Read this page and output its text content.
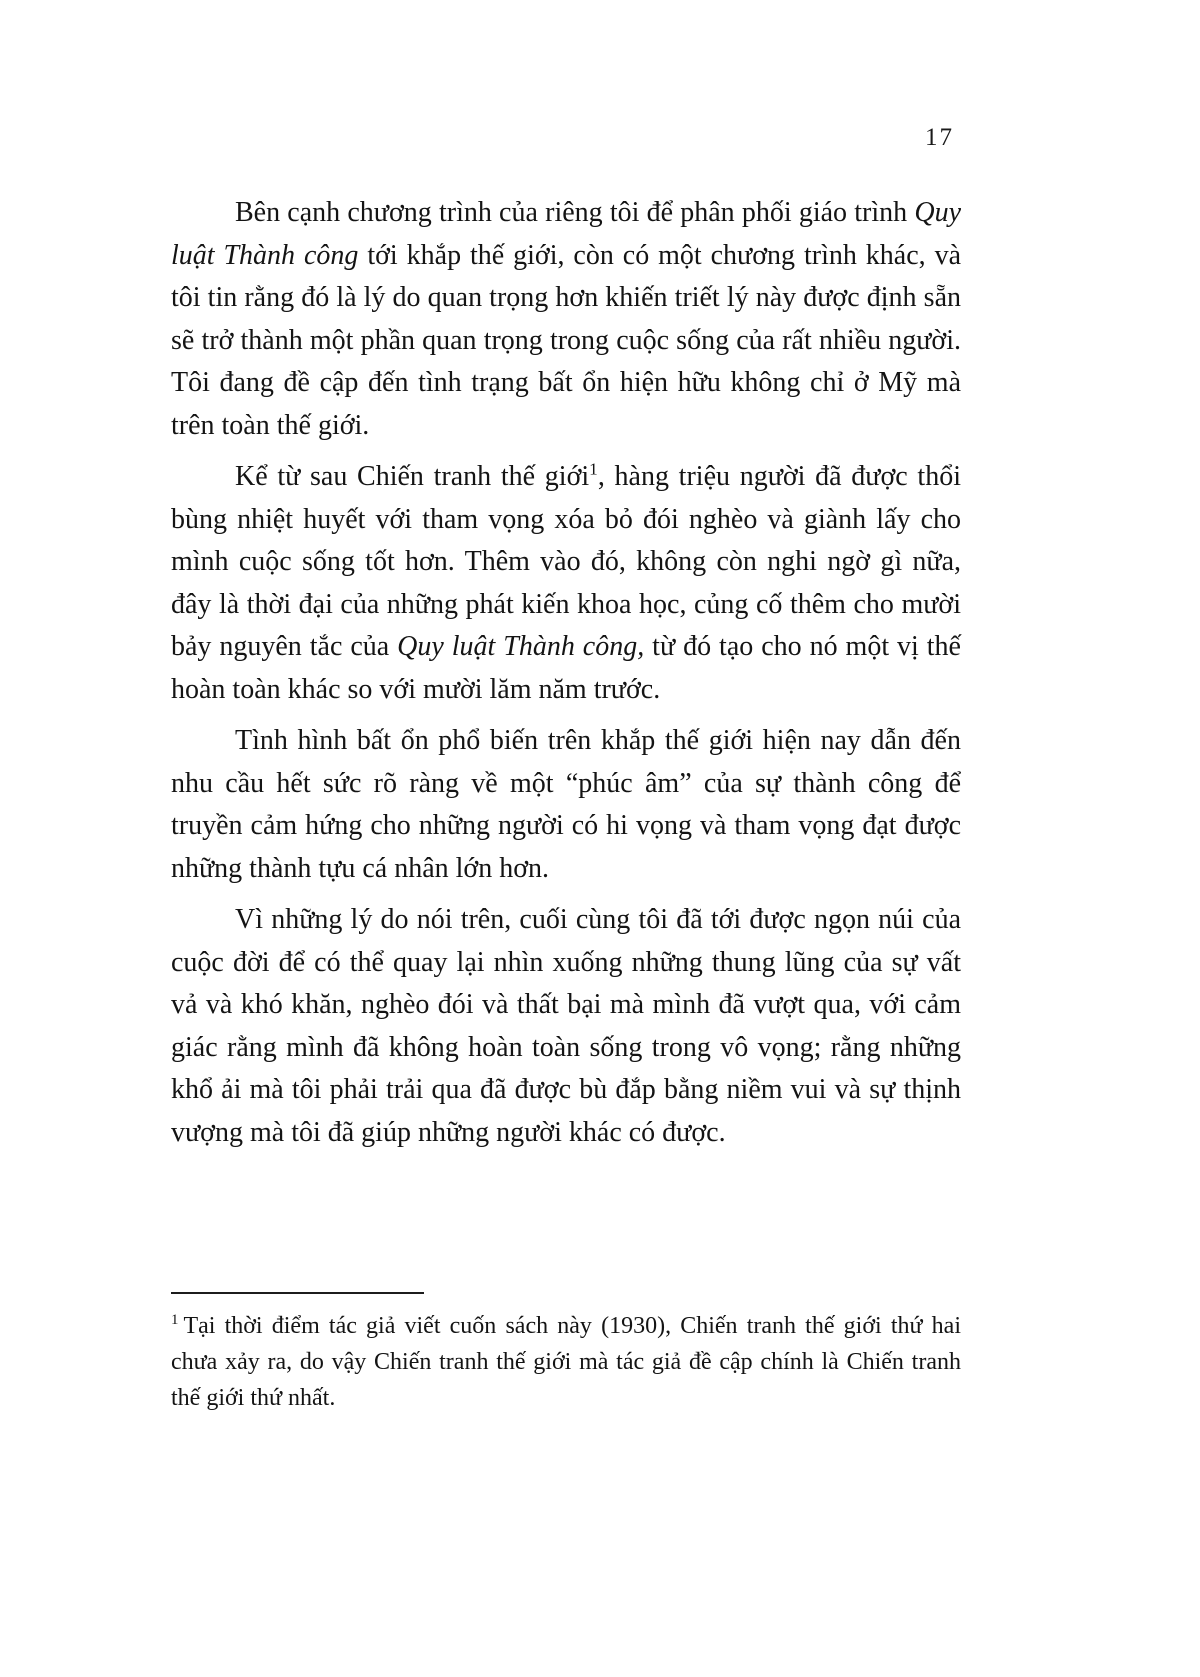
17

Bên cạnh chương trình của riêng tôi để phân phối giáo trình Quy luật Thành công tới khắp thế giới, còn có một chương trình khác, và tôi tin rằng đó là lý do quan trọng hơn khiến triết lý này được định sẵn sẽ trở thành một phần quan trọng trong cuộc sống của rất nhiều người. Tôi đang đề cập đến tình trạng bất ổn hiện hữu không chỉ ở Mỹ mà trên toàn thế giới.

Kể từ sau Chiến tranh thế giới$^1$, hàng triệu người đã được thổi bùng nhiệt huyết với tham vọng xóa bỏ đói nghèo và giành lấy cho mình cuộc sống tốt hơn. Thêm vào đó, không còn nghi ngờ gì nữa, đây là thời đại của những phát kiến khoa học, củng cố thêm cho mười bảy nguyên tắc của Quy luật Thành công, từ đó tạo cho nó một vị thế hoàn toàn khác so với mười lăm năm trước.

Tình hình bất ổn phổ biến trên khắp thế giới hiện nay dẫn đến nhu cầu hết sức rõ ràng về một “phúc âm” của sự thành công để truyền cảm hứng cho những người có hi vọng và tham vọng đạt được những thành tựu cá nhân lớn hơn.

Vì những lý do nói trên, cuối cùng tôi đã tới được ngọn núi của cuộc đời để có thể quay lại nhìn xuống những thung lũng của sự vất vả và khó khăn, nghèo đói và thất bại mà mình đã vượt qua, với cảm giác rằng mình đã không hoàn toàn sống trong vô vọng; rằng những khổ ải mà tôi phải trải qua đã được bù đắp bằng niềm vui và sự thịnh vượng mà tôi đã giúp những người khác có được.

$^1$ Tại thời điểm tác giả viết cuốn sách này (1930), Chiến tranh thế giới thứ hai chưa xảy ra, do vậy Chiến tranh thế giới mà tác giả đề cập chính là Chiến tranh thế giới thứ nhất.
